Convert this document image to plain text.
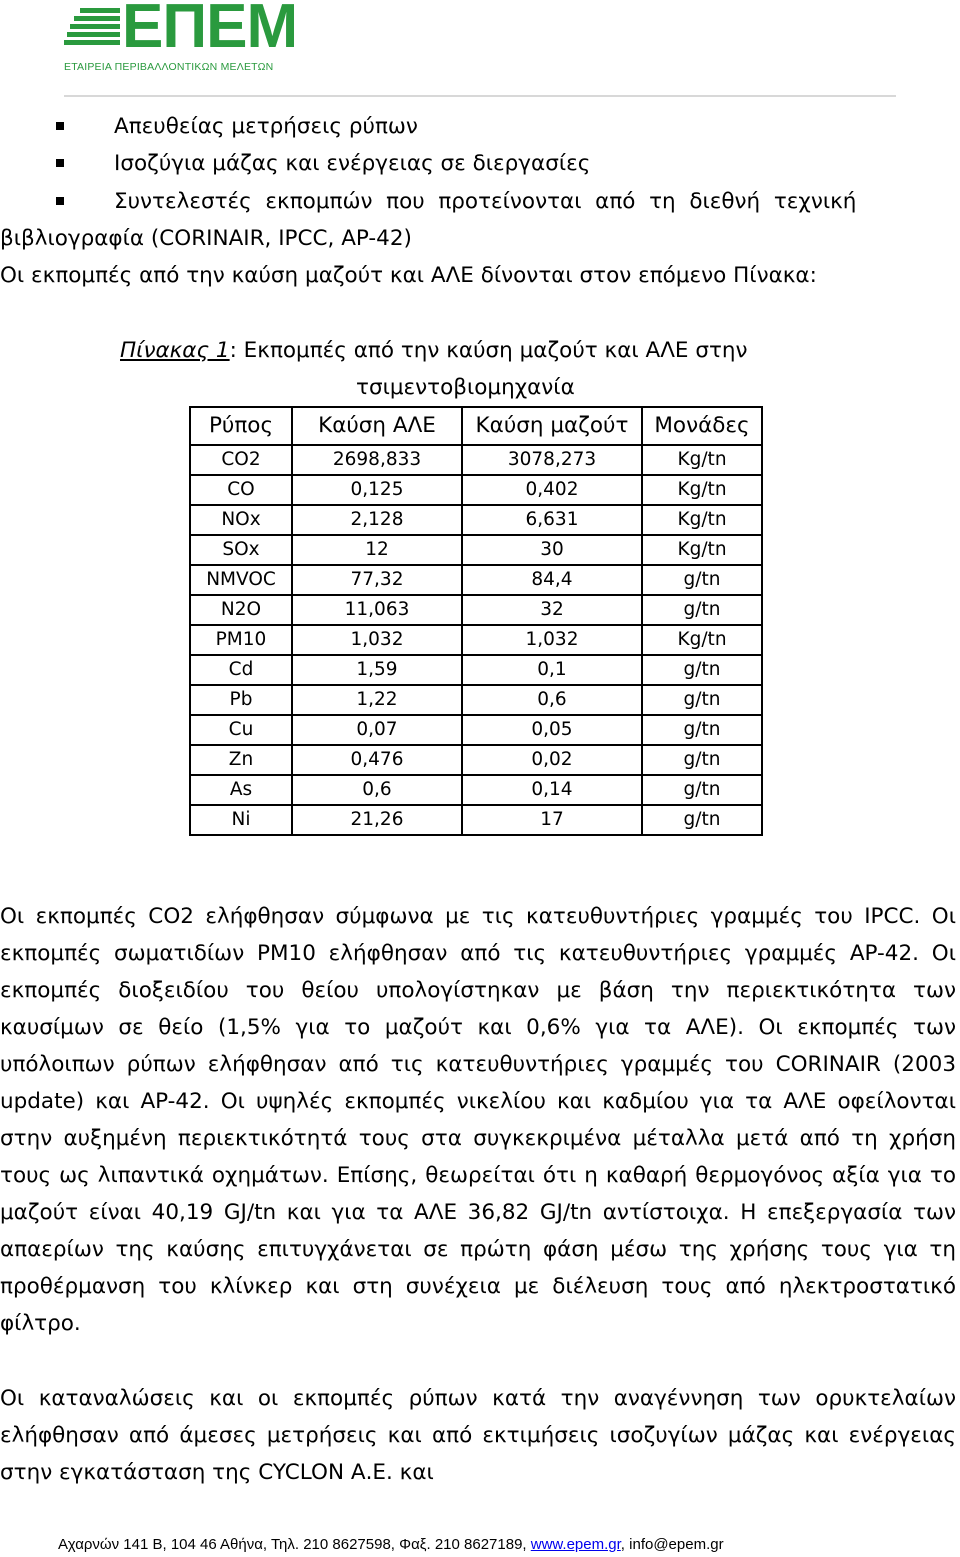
ΕΠΕΜ
ΕΤΑΙΡΕΙΑ ΠΕΡΙΒΑΛΛΟΝΤΙΚΩΝ ΜΕΛΕΤΩΝ
Απευθείας μετρήσεις ρύπων
Ισοζύγια μάζας και ενέργειας σε διεργασίες
Συντελεστές  εκπομπών  που  προτείνονται  από  τη  διεθνή  τεχνική
βιβλιογραφία (CORINAIR, IPCC, AP-42)
Οι εκπομπές από την καύση μαζούτ και ΑΛΕ δίνονται στον επόμενο Πίνακα:
Πίνακας 1: Εκπομπές από την καύση μαζούτ και ΑΛΕ στην
τσιμεντοβιομηχανία
Ρύπος	Καύση ΑΛΕ	Καύση μαζούτ	Μονάδες
CO2	2698,833	3078,273	Kg/tn
CO	0,125	0,402	Kg/tn
NOx	2,128	6,631	Kg/tn
SOx	12	30	Kg/tn
NMVOC	77,32	84,4	g/tn
N2O	11,063	32	g/tn
PM10	1,032	1,032	Kg/tn
Cd	1,59	0,1	g/tn
Pb	1,22	0,6	g/tn
Cu	0,07	0,05	g/tn
Zn	0,476	0,02	g/tn
As	0,6	0,14	g/tn
Ni	21,26	17	g/tn
Οι εκπομπές CO2 ελήφθησαν σύμφωνα με τις κατευθυντήριες γραμμές του IPCC. Οι εκπομπές σωματιδίων PM10 ελήφθησαν από τις κατευθυντήριες γραμμές AP-42. Οι εκπομπές διοξειδίου του θείου υπολογίστηκαν με βάση την περιεκτικότητα των καυσίμων σε θείο (1,5% για το μαζούτ και 0,6% για τα ΑΛΕ). Οι εκπομπές των υπόλοιπων ρύπων ελήφθησαν από τις κατευθυντήριες γραμμές του CORINAIR (2003 update) και AP-42. Οι υψηλές εκπομπές νικελίου και καδμίου για τα ΑΛΕ οφείλονται στην αυξημένη περιεκτικότητά τους στα συγκεκριμένα μέταλλα μετά από τη χρήση τους ως λιπαντικά οχημάτων. Επίσης, θεωρείται ότι η καθαρή θερμογόνος αξία για το μαζούτ είναι 40,19 GJ/tn και για τα ΑΛΕ 36,82 GJ/tn αντίστοιχα. Η επεξεργασία των απαερίων της καύσης επιτυγχάνεται σε πρώτη φάση μέσω της χρήσης τους για τη προθέρμανση του κλίνκερ και στη συνέχεια με διέλευση τους από ηλεκτροστατικό φίλτρο.
Οι καταναλώσεις και οι εκπομπές ρύπων κατά την αναγέννηση των ορυκτελαίων ελήφθησαν από άμεσες μετρήσεις και από εκτιμήσεις ισοζυγίων μάζας και ενέργειας στην εγκατάσταση της CYCLON Α.Ε. και
Αχαρνών 141 Β, 104 46 Αθήνα, Τηλ. 210 8627598, Φαξ. 210 8627189, www.epem.gr, info@epem.gr
